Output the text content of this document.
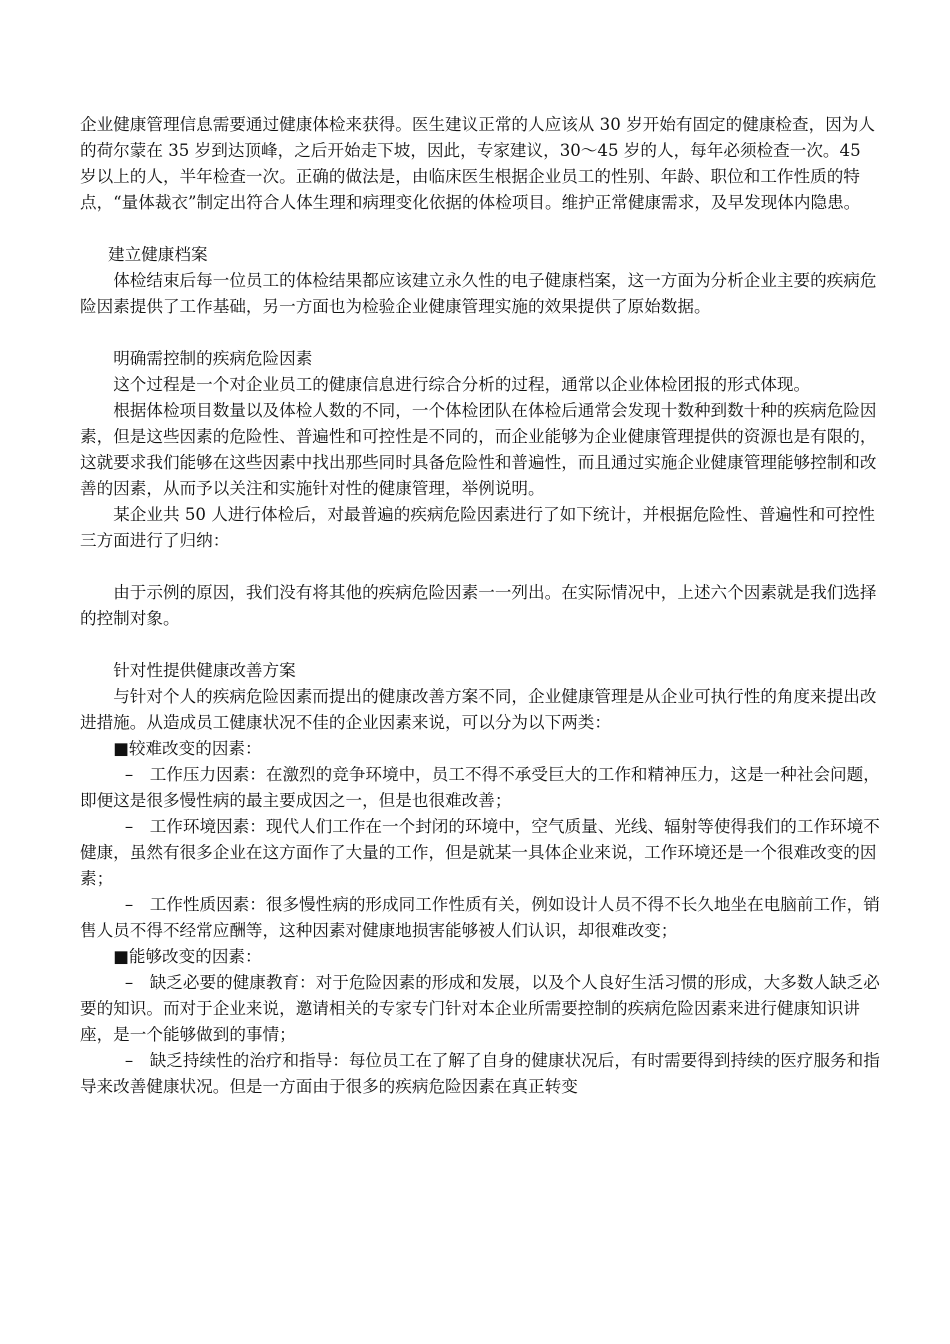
企业健康管理信息需要通过健康体检来获得。医生建议正常的人应该从 30 岁开始有固定的健康检查，因为人的荷尔蒙在 35 岁到达顶峰，之后开始走下坡，因此，专家建议，30～45 岁的人，每年必须检查一次。45 岁以上的人，半年检查一次。正确的做法是，由临床医生根据企业员工的性别、年龄、职位和工作性质的特点，“量体裁衣”制定出符合人体生理和病理变化依据的体检项目。维护正常健康需求，及早发现体内隐患。

建立健康档案

体检结束后每一位员工的体检结果都应该建立永久性的电子健康档案，这一方面为分析企业主要的疾病危险因素提供了工作基础，另一方面也为检验企业健康管理实施的效果提供了原始数据。

明确需控制的疾病危险因素

这个过程是一个对企业员工的健康信息进行综合分析的过程，通常以企业体检团报的形式体现。

根据体检项目数量以及体检人数的不同，一个体检团队在体检后通常会发现十数种到数十种的疾病危险因素，但是这些因素的危险性、普遍性和可控性是不同的，而企业能够为企业健康管理提供的资源也是有限的，这就要求我们能够在这些因素中找出那些同时具备危险性和普遍性，而且通过实施企业健康管理能够控制和改善的因素，从而予以关注和实施针对性的健康管理，举例说明。

某企业共 50 人进行体检后，对最普遍的疾病危险因素进行了如下统计，并根据危险性、普遍性和可控性三方面进行了归纳：

由于示例的原因，我们没有将其他的疾病危险因素一一列出。在实际情况中，上述六个因素就是我们选择的控制对象。

针对性提供健康改善方案

与针对个人的疾病危险因素而提出的健康改善方案不同，企业健康管理是从企业可执行性的角度来提出改进措施。从造成员工健康状况不佳的企业因素来说，可以分为以下两类：

■较难改变的因素：

–　工作压力因素：在激烈的竞争环境中，员工不得不承受巨大的工作和精神压力，这是一种社会问题，即便这是很多慢性病的最主要成因之一，但是也很难改善；

–　工作环境因素：现代人们工作在一个封闭的环境中，空气质量、光线、辐射等使得我们的工作环境不健康，虽然有很多企业在这方面作了大量的工作，但是就某一具体企业来说，工作环境还是一个很难改变的因素；

–　工作性质因素：很多慢性病的形成同工作性质有关，例如设计人员不得不长久地坐在电脑前工作，销售人员不得不经常应酬等，这种因素对健康地损害能够被人们认识，却很难改变；

■能够改变的因素：

–　缺乏必要的健康教育：对于危险因素的形成和发展，以及个人良好生活习惯的形成，大多数人缺乏必要的知识。而对于企业来说，邀请相关的专家专门针对本企业所需要控制的疾病危险因素来进行健康知识讲座，是一个能够做到的事情；

–　缺乏持续性的治疗和指导：每位员工在了解了自身的健康状况后，有时需要得到持续的医疗服务和指导来改善健康状况。但是一方面由于很多的疾病危险因素在真正转变
